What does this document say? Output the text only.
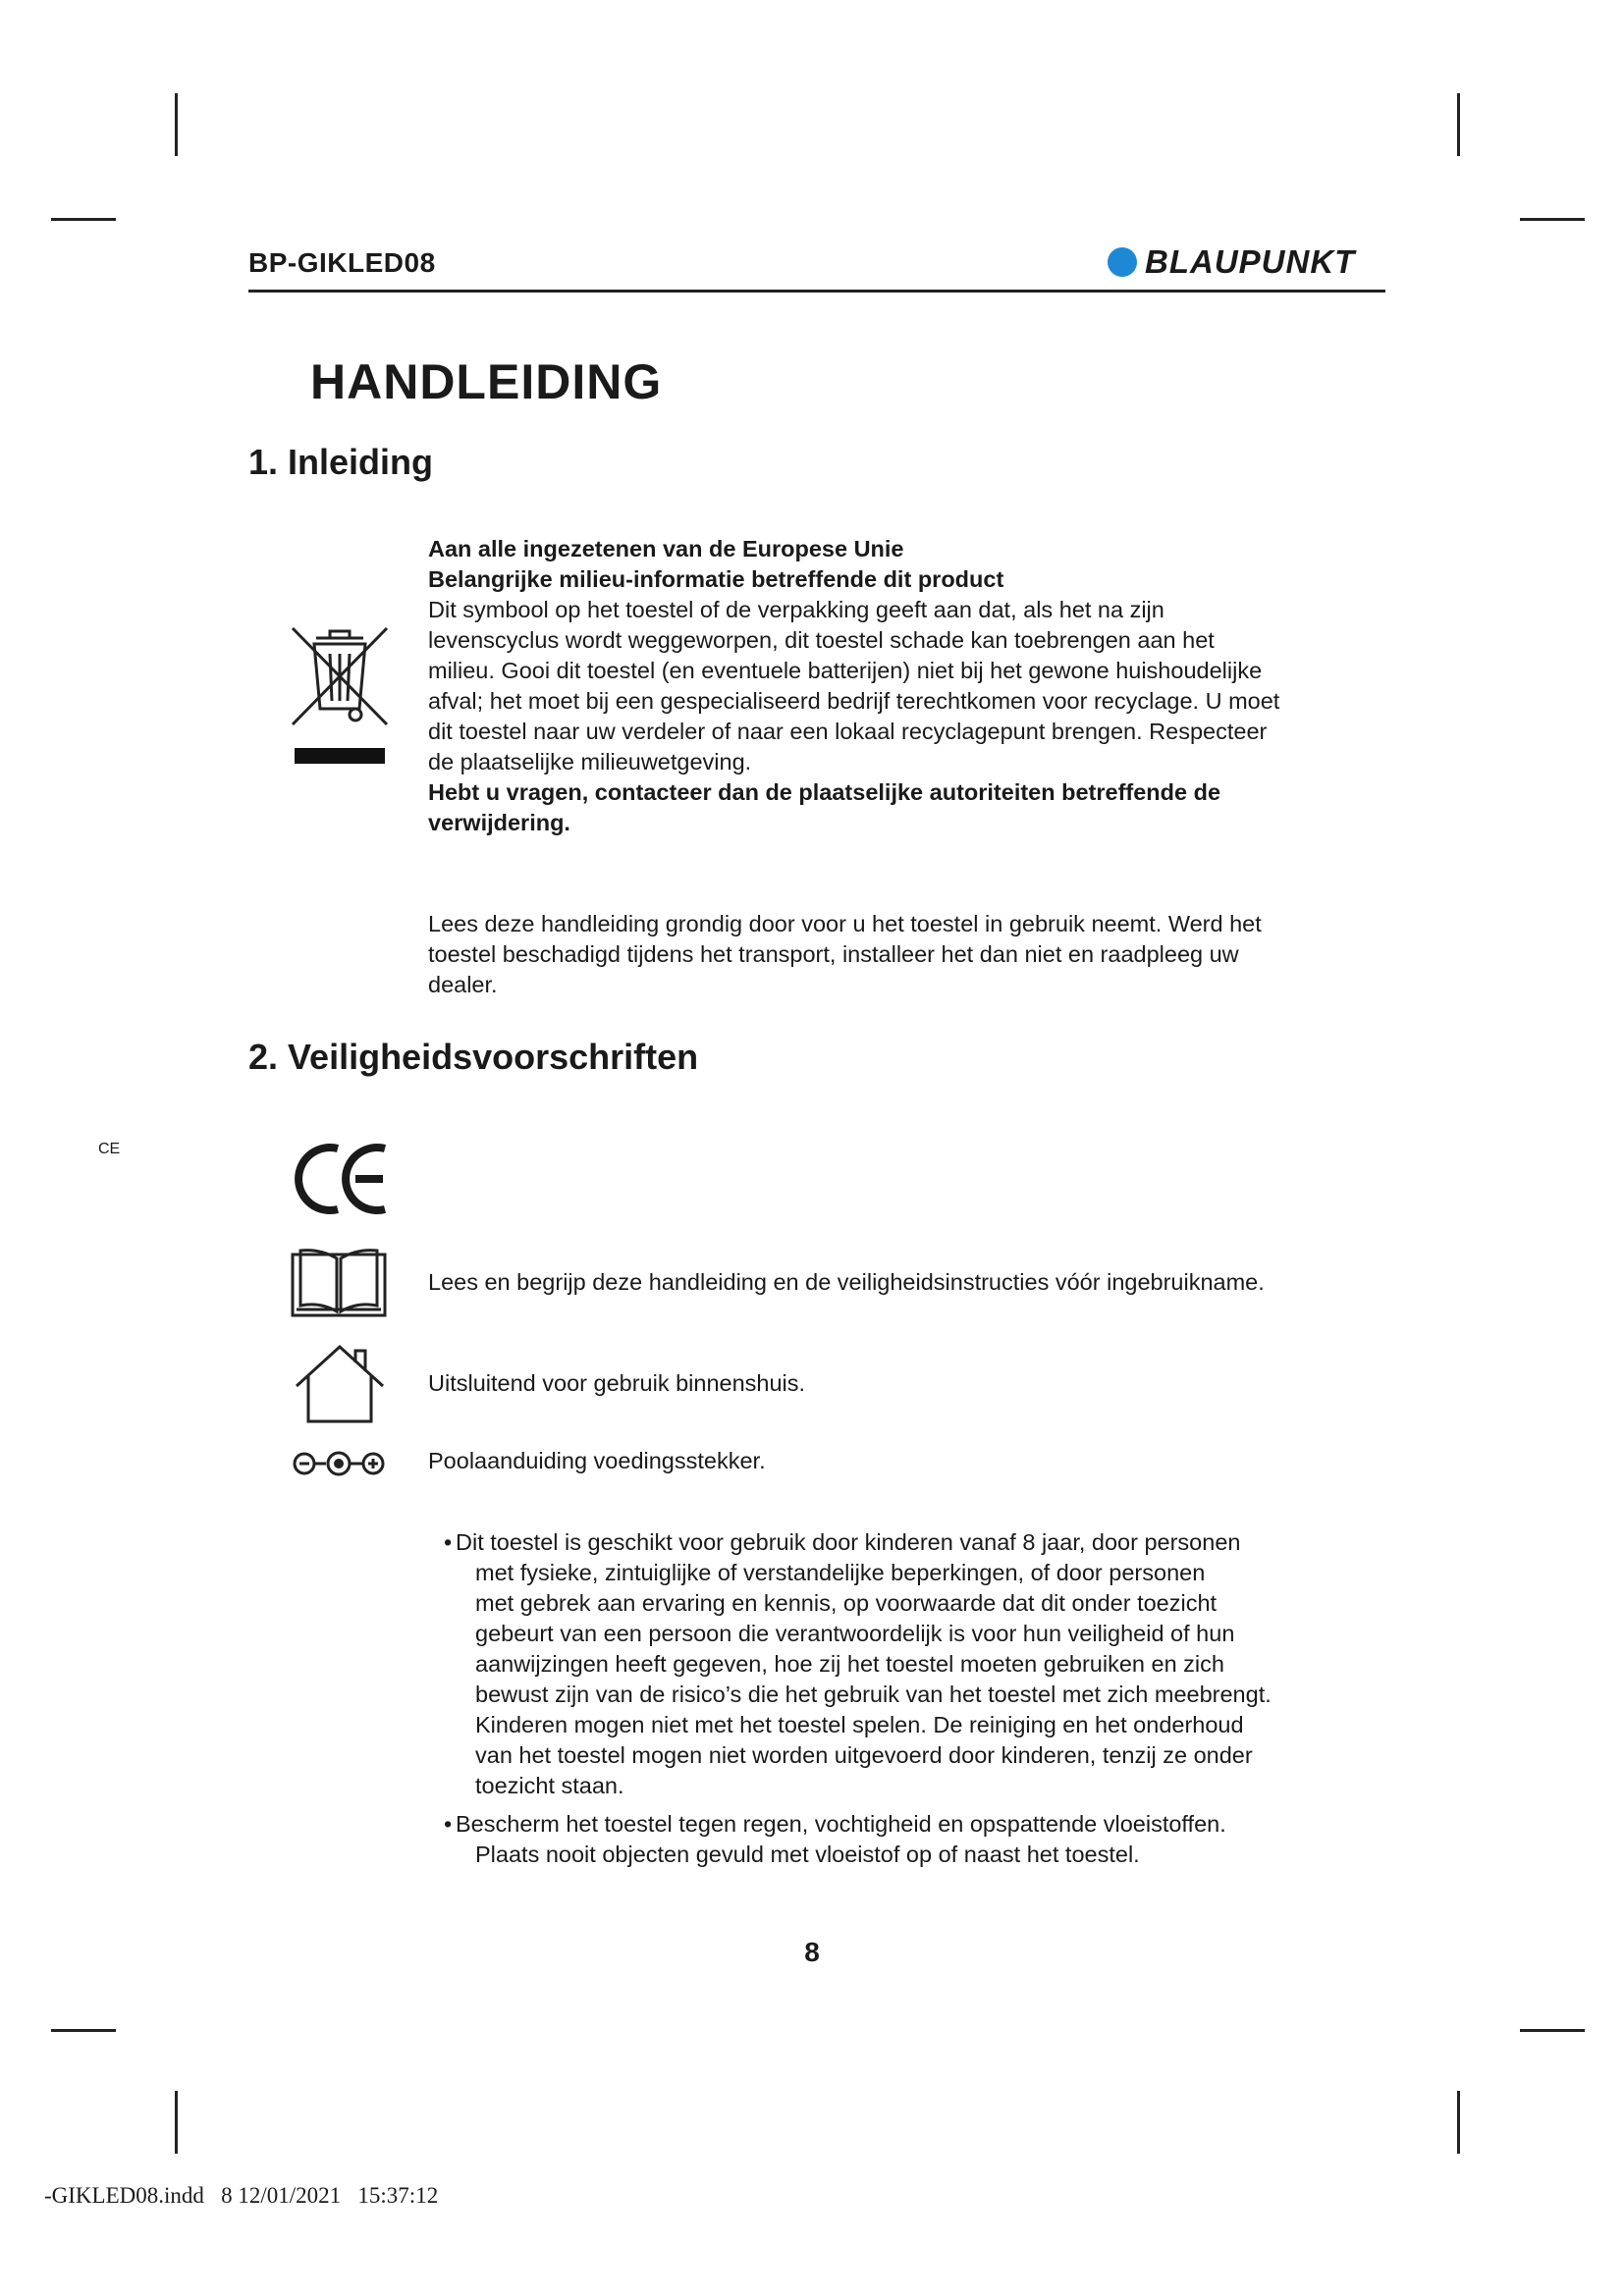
BP-GIKLED08	BLAUPUNKT
HANDLEIDING
1. Inleiding
Aan alle ingezetenen van de Europese Unie
Belangrijke milieu-informatie betreffende dit product
Dit symbool op het toestel of de verpakking geeft aan dat, als het na zijn
levenscyclus wordt weggeworpen, dit toestel schade kan toebrengen aan het
milieu. Gooi dit toestel (en eventuele batterijen) niet bij het gewone huishoudelijke
afval; het moet bij een gespecialiseerd bedrijf terechtkomen voor recyclage. U moet
dit toestel naar uw verdeler of naar een lokaal recyclagepunt brengen. Respecteer
de plaatselijke milieuwetgeving.
Hebt u vragen, contacteer dan de plaatselijke autoriteiten betreffende de
verwijdering.
Lees deze handleiding grondig door voor u het toestel in gebruik neemt. Werd het
toestel beschadigd tijdens het transport, installeer het dan niet en raadpleeg uw
dealer.
2. Veiligheidsvoorschriften
CE
Lees en begrijp deze handleiding en de veiligheidsinstructies vóór ingebruikname.
Uitsluitend voor gebruik binnenshuis.
Poolaanduiding voedingsstekker.
• Dit toestel is geschikt voor gebruik door kinderen vanaf 8 jaar, door personen
met fysieke, zintuiglijke of verstandelijke beperkingen, of door personen
met gebrek aan ervaring en kennis, op voorwaarde dat dit onder toezicht
gebeurt van een persoon die verantwoordelijk is voor hun veiligheid of hun
aanwijzingen heeft gegeven, hoe zij het toestel moeten gebruiken en zich
bewust zijn van de risico’s die het gebruik van het toestel met zich meebrengt.
Kinderen mogen niet met het toestel spelen. De reiniging en het onderhoud
van het toestel mogen niet worden uitgevoerd door kinderen, tenzij ze onder
toezicht staan.
• Bescherm het toestel tegen regen, vochtigheid en opspattende vloeistoffen.
Plaats nooit objecten gevuld met vloeistof op of naast het toestel.
8
-GIKLED08.indd   8 12/01/2021   15:37:12
